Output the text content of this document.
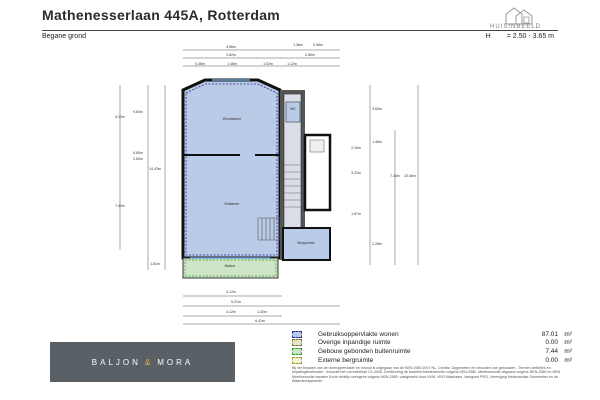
Mathenesserlaan 445A, Rotterdam
HUISINBEELD
Begane grond	H = 2.50 - 3.65 m
Woonkamer
Eetkamer
WC
Bergruimte
Balkon
4.56m	1.36m	0.96m
2.62m	2.56m
0.36m	1.46m	1.02m	1.12m
5.10m
9.60m
6.65m
0.60m
14.43m
7.40m
1.81m
3.60m
1.46m
2.16m
3.22m
7.44m 10.46m
1.67m
2.28m
4.12m
5.21m
4.12m	1.32m
6.41m
BALJON & MORA
Gebruiksoppervlakte wonen	87.01 m²
Overige inpandige ruimte	0.00 m²
Gebouw gebonden buitenruimte	7.44 m²
Externe bergruimte	0.00 m²
Bij het bepalen van de vloeroppervlakte en inhoud is uitgegaan van de NEN 2580:2007 NL. Credits: Opgemeten en inhouden van gebouwen - Termen definities en bepalingsmethoden - inclusief het correctieblad C1:2008. Certificering de kwaliteit Meetinstructie volgens NEN-2580. Meetinstructie uitgaand volgens NEN-2580 en NEN. Meetinstructie bepalen Korte richtlijn overigens volgens NEN-2580, vastgesteld door NVM, VBO Makelaars, Vastgoed PRO, Vereniging Nederlandse Gemeenten en de Waarderingskamer.
